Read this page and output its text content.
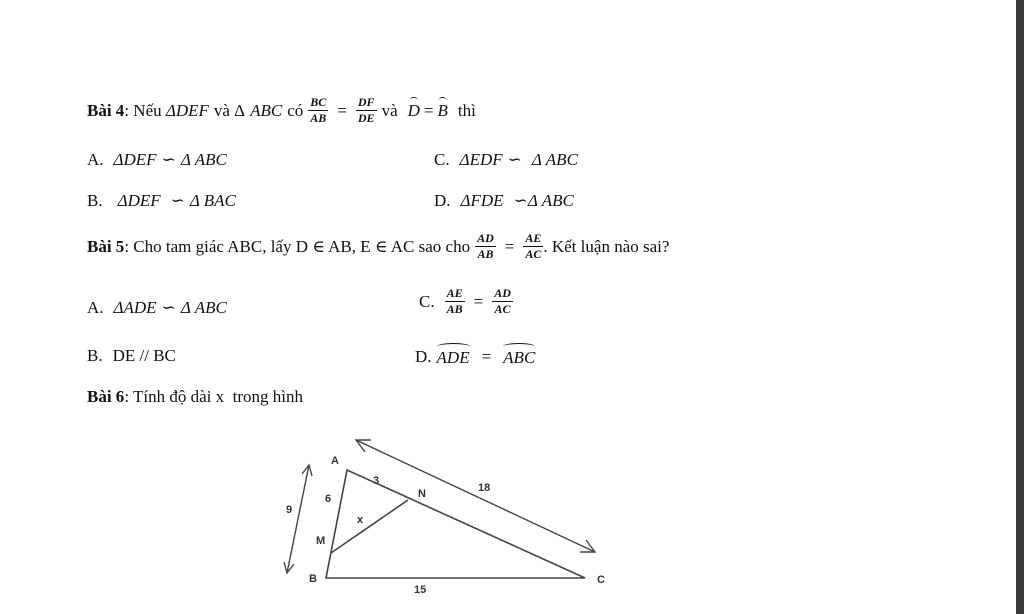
Bài 4 : Nếu ΔDEF và Δ ABC có $\frac{BC}{AB} = \frac{DF}{DE}$ và D = B thì
A. ΔDEF ∽ Δ ABC	C. ΔEDF ∽ Δ ABC
B. ΔDEF ∽ Δ BAC	D. ΔFDE ∽ Δ ABC
Bài 5 : Cho tam giác ABC, lấy D ∈ AB, E ∈ AC sao cho $\frac{AD}{AB} = \frac{AE}{AC}$ . Kết luận nào sai?
A. ΔADE ∽ Δ ABC	C. $\frac{AE}{AB} = \frac{AD}{AC}$
B. DE // BC	D. ADE = ABC
Bài 6 : Tính độ dài x  trong hình
A
B	C
M
N
9
6
3
18
15
x
